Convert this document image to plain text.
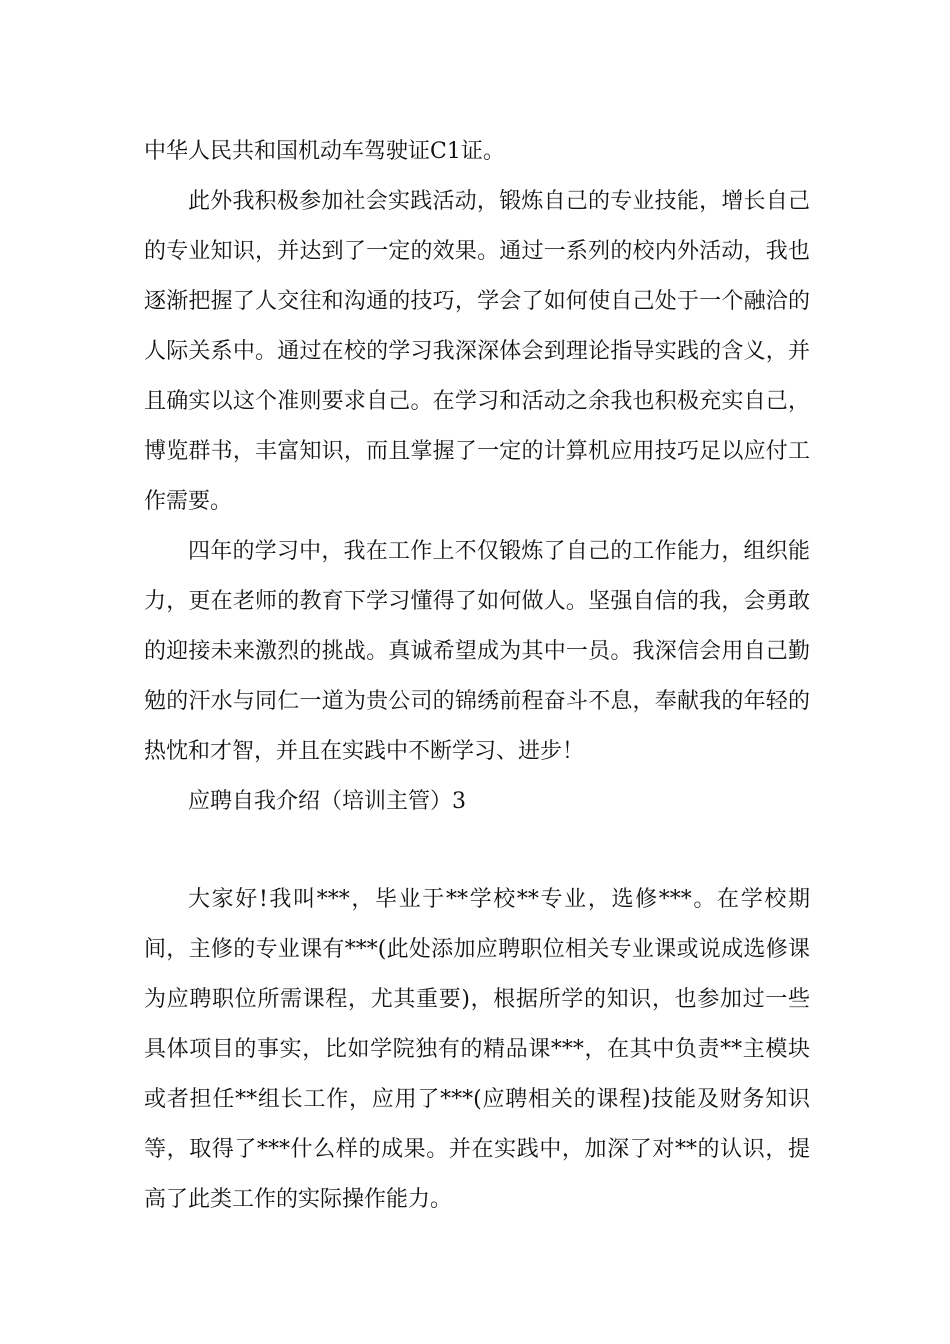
中华人民共和国机动车驾驶证C1证。

此外我积极参加社会实践活动，锻炼自己的专业技能，增长自己的专业知识，并达到了一定的效果。通过一系列的校内外活动，我也逐渐把握了人交往和沟通的技巧，学会了如何使自己处于一个融洽的人际关系中。通过在校的学习我深深体会到理论指导实践的含义，并且确实以这个准则要求自己。在学习和活动之余我也积极充实自己，博览群书，丰富知识，而且掌握了一定的计算机应用技巧足以应付工作需要。

四年的学习中，我在工作上不仅锻炼了自己的工作能力，组织能力，更在老师的教育下学习懂得了如何做人。坚强自信的我，会勇敢的迎接未来激烈的挑战。真诚希望成为其中一员。我深信会用自己勤勉的汗水与同仁一道为贵公司的锦绣前程奋斗不息，奉献我的年轻的热忱和才智，并且在实践中不断学习、进步！

应聘自我介绍（培训主管）3

大家好!我叫***，毕业于**学校**专业，选修***。在学校期间，主修的专业课有***(此处添加应聘职位相关专业课或说成选修课为应聘职位所需课程，尤其重要)，根据所学的知识，也参加过一些具体项目的事实，比如学院独有的精品课***，在其中负责**主模块或者担任**组长工作，应用了***(应聘相关的课程)技能及财务知识等，取得了***什么样的成果。并在实践中，加深了对**的认识，提高了此类工作的实际操作能力。
